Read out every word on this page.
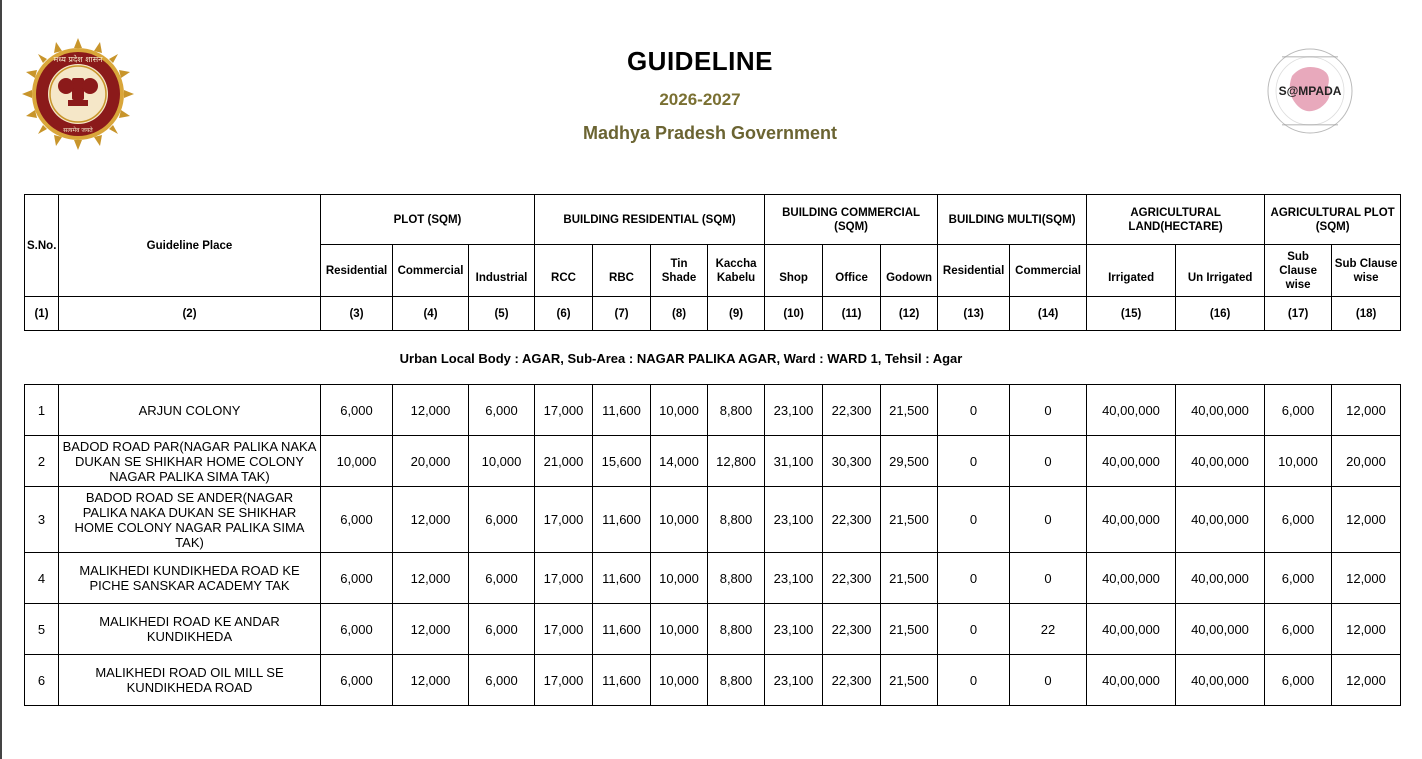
मध्य प्रदेश शासन
सत्यमेव जयते
GUIDELINE
2026-2027
Madhya Pradesh Government
S@MPADA
S.No.	Guideline Place	PLOT (SQM)			BUILDING RESIDENTIAL (SQM)				BUILDING COMMERCIAL (SQM)			BUILDING MULTI(SQM)		AGRICULTURAL LAND(HECTARE)		AGRICULTURAL PLOT (SQM)	
		Residential	Commercial	Industrial	RCC	RBC	Tin Shade	Kaccha Kabelu	Shop	Office	Godown	Residential	Commercial	Irrigated	Un Irrigated	Sub Clause wise	Sub Clause wise
(1)	(2)	(3)	(4)	(5)	(6)	(7)	(8)	(9)	(10)	(11)	(12)	(13)	(14)	(15)	(16)	(17)	(18)
Urban Local Body : AGAR, Sub-Area : NAGAR PALIKA AGAR, Ward : WARD 1, Tehsil : Agar
1	ARJUN COLONY	6,000	12,000	6,000	17,000	11,600	10,000	8,800	23,100	22,300	21,500	0	0	40,00,000	40,00,000	6,000	12,000
2	BADOD ROAD PAR(NAGAR PALIKA NAKA DUKAN SE SHIKHAR HOME COLONY NAGAR PALIKA SIMA TAK)	10,000	20,000	10,000	21,000	15,600	14,000	12,800	31,100	30,300	29,500	0	0	40,00,000	40,00,000	10,000	20,000
3	BADOD ROAD SE ANDER(NAGAR PALIKA NAKA DUKAN SE SHIKHAR HOME COLONY NAGAR PALIKA SIMA TAK)	6,000	12,000	6,000	17,000	11,600	10,000	8,800	23,100	22,300	21,500	0	0	40,00,000	40,00,000	6,000	12,000
4	MALIKHEDI KUNDIKHEDA ROAD KE PICHE SANSKAR ACADEMY TAK	6,000	12,000	6,000	17,000	11,600	10,000	8,800	23,100	22,300	21,500	0	0	40,00,000	40,00,000	6,000	12,000
5	MALIKHEDI ROAD KE ANDAR KUNDIKHEDA	6,000	12,000	6,000	17,000	11,600	10,000	8,800	23,100	22,300	21,500	0	22	40,00,000	40,00,000	6,000	12,000
6	MALIKHEDI ROAD OIL MILL SE KUNDIKHEDA ROAD	6,000	12,000	6,000	17,000	11,600	10,000	8,800	23,100	22,300	21,500	0	0	40,00,000	40,00,000	6,000	12,000
